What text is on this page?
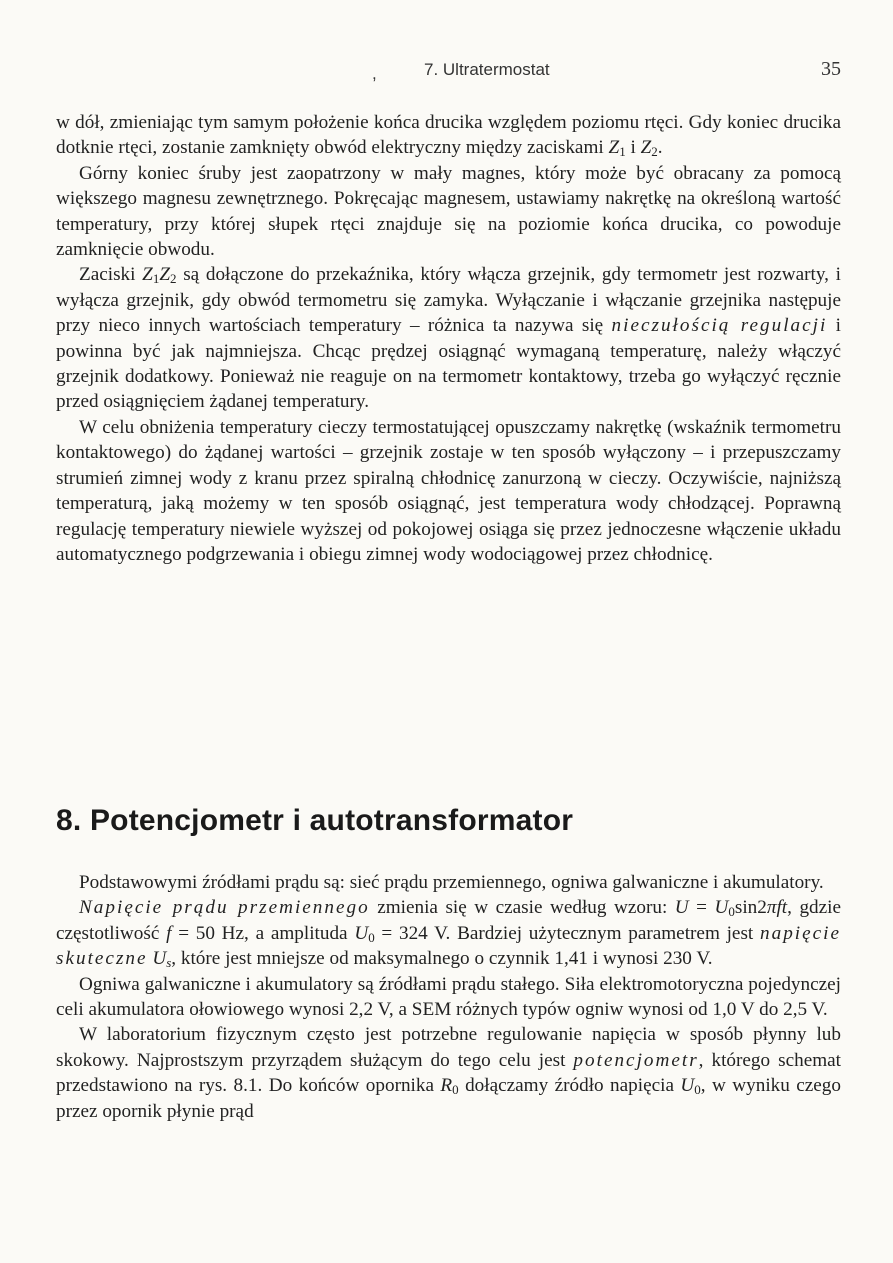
,	7. Ultratermostat	35

w dół, zmieniając tym samym położenie końca drucika względem poziomu rtęci. Gdy koniec drucika dotknie rtęci, zostanie zamknięty obwód elektryczny między zaciskami $Z_1$ i $Z_2$.

Górny koniec śruby jest zaopatrzony w mały magnes, który może być obracany za pomocą większego magnesu zewnętrznego. Pokręcając magnesem, ustawiamy nakrętkę na określoną wartość temperatury, przy której słupek rtęci znajduje się na poziomie końca drucika, co powoduje zamknięcie obwodu.

Zaciski $Z_1Z_2$ są dołączone do przekaźnika, który włącza grzejnik, gdy termometr jest rozwarty, i wyłącza grzejnik, gdy obwód termometru się zamyka. Wyłączanie i włączanie grzejnika następuje przy nieco innych wartościach temperatury – różnica ta nazywa się nieczułością regulacji i powinna być jak najmniejsza. Chcąc prędzej osiągnąć wymaganą temperaturę, należy włączyć grzejnik dodatkowy. Ponieważ nie reaguje on na termometr kontaktowy, trzeba go wyłączyć ręcznie przed osiągnięciem żądanej temperatury.

W celu obniżenia temperatury cieczy termostatującej opuszczamy nakrętkę (wskaźnik termometru kontaktowego) do żądanej wartości – grzejnik zostaje w ten sposób wyłączony – i przepuszczamy strumień zimnej wody z kranu przez spiralną chłodnicę zanurzoną w cieczy. Oczywiście, najniższą temperaturą, jaką możemy w ten sposób osiągnąć, jest temperatura wody chłodzącej. Poprawną regulację temperatury niewiele wyższej od pokojowej osiąga się przez jednoczesne włączenie układu automatycznego podgrzewania i obiegu zimnej wody wodociągowej przez chłodnicę.

8. Potencjometr i autotransformator

Podstawowymi źródłami prądu są: sieć prądu przemiennego, ogniwa galwaniczne i akumulatory.

Napięcie prądu przemiennego zmienia się w czasie według wzoru: $U = U_0\sin 2\pi ft$, gdzie częstotliwość f = 50 Hz, a amplituda $U_0 = 324$ V. Bardziej użytecznym parametrem jest napięcie skuteczne $U_s$, które jest mniejsze od maksymalnego o czynnik 1,41 i wynosi 230 V.

Ogniwa galwaniczne i akumulatory są źródłami prądu stałego. Siła elektromotoryczna pojedynczej celi akumulatora ołowiowego wynosi 2,2 V, a SEM różnych typów ogniw wynosi od 1,0 V do 2,5 V.

W laboratorium fizycznym często jest potrzebne regulowanie napięcia w sposób płynny lub skokowy. Najprostszym przyrządem służącym do tego celu jest potencjometr, którego schemat przedstawiono na rys. 8.1. Do końców opornika $R_0$ dołączamy źródło napięcia $U_0$, w wyniku czego przez opornik płynie prąd
